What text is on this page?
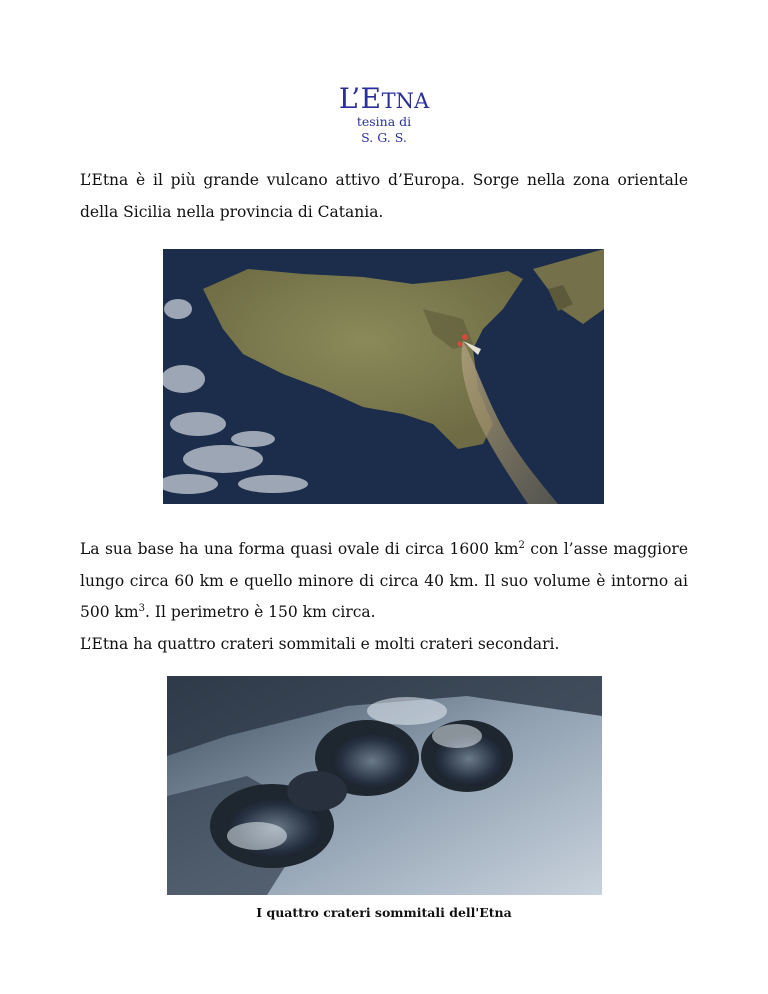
L’ETNA
tesina di
S. G. S.
L’Etna è il più grande vulcano attivo d’Europa. Sorge nella zona orientale della Sicilia nella provincia di Catania.
La sua base ha una forma quasi ovale di circa 1600 $km^2$ con l’asse maggiore lungo circa 60 km e quello minore di circa 40 km. Il suo volume è intorno ai 500 $km^3$. Il perimetro è 150 km circa.
L’Etna ha quattro crateri sommitali e molti crateri secondari.
I quattro crateri sommitali dell'Etna
